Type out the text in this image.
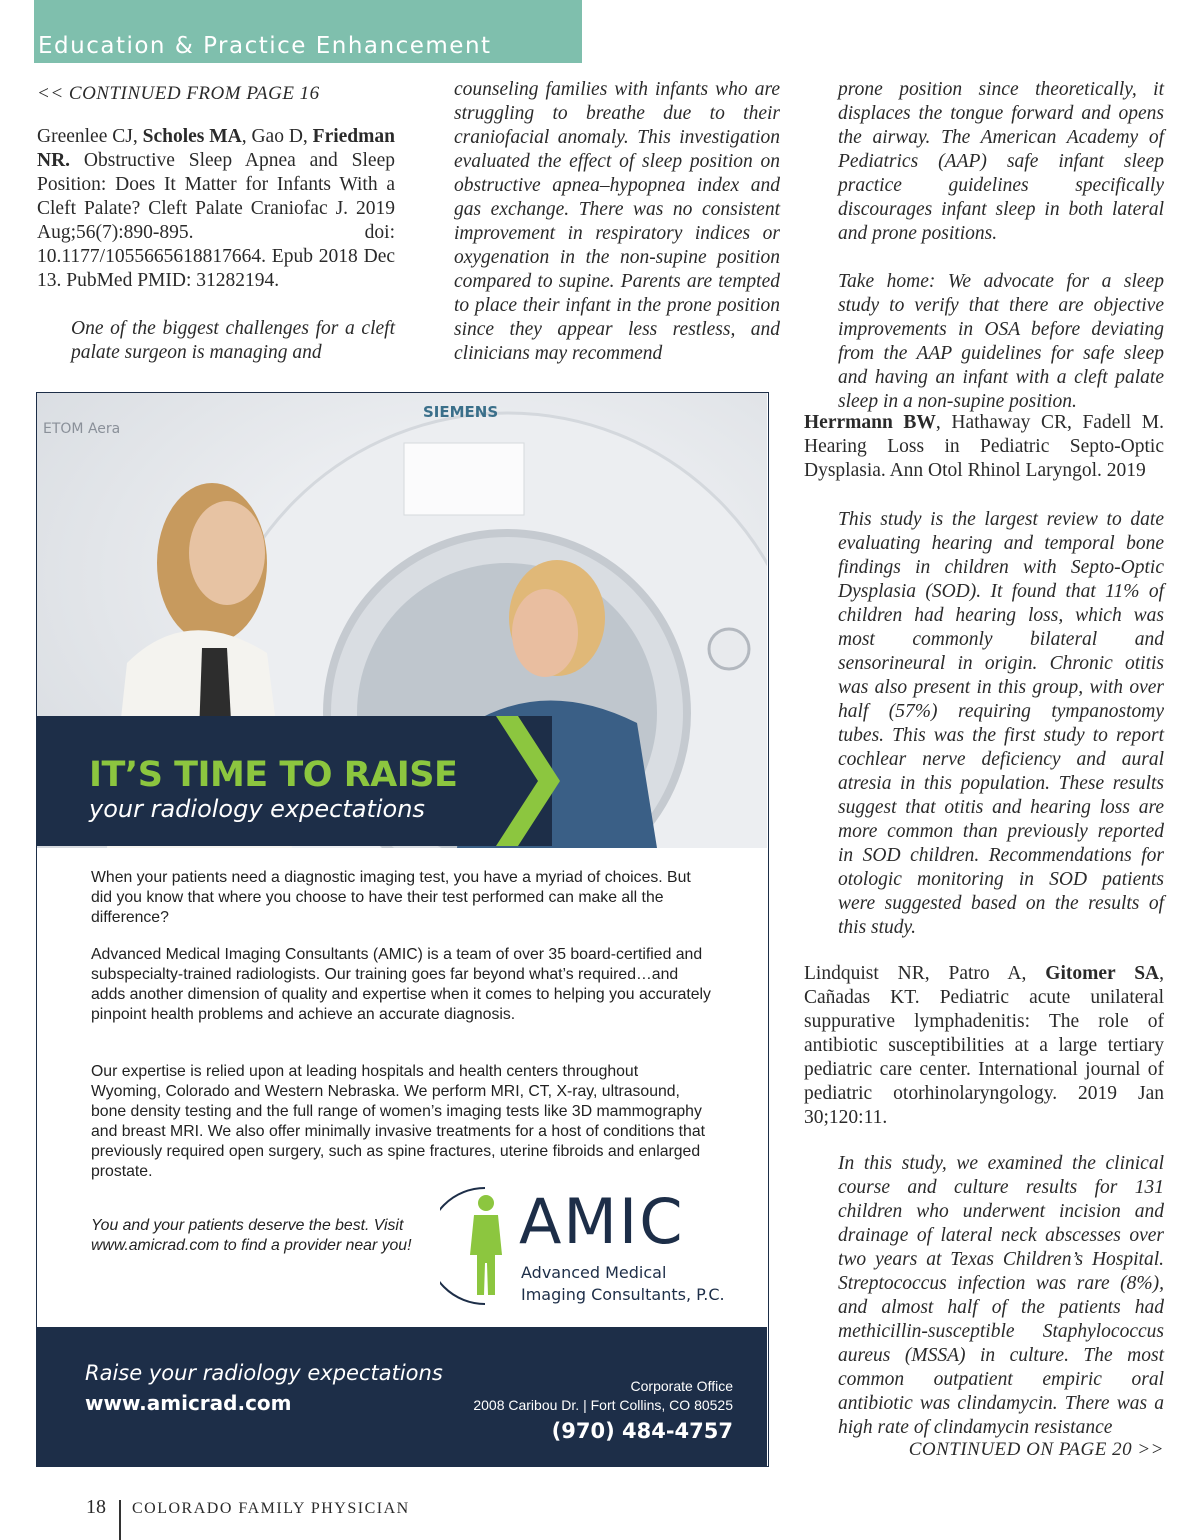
Education & Practice Enhancement
<< CONTINUED FROM PAGE 16

Greenlee CJ, Scholes MA, Gao D, Friedman NR. Obstructive Sleep Apnea and Sleep Position: Does It Matter for Infants With a Cleft Palate? Cleft Palate Craniofac J. 2019 Aug;56(7):890-895. doi: 10.1177/1055665618817664. Epub 2018 Dec 13. PubMed PMID: 31282194.

One of the biggest challenges for a cleft palate surgeon is managing and

counseling families with infants who are struggling to breathe due to their craniofacial anomaly. This investigation evaluated the effect of sleep position on obstructive apnea–hypopnea index and gas exchange. There was no consistent improvement in respiratory indices or oxygenation in the non-supine position compared to supine. Parents are tempted to place their infant in the prone position since they appear less restless, and clinicians may recommend

prone position since theoretically, it displaces the tongue forward and opens the airway. The American Academy of Pediatrics (AAP) safe infant sleep practice guidelines specifically discourages infant sleep in both lateral and prone positions.

Take home: We advocate for a sleep study to verify that there are objective improvements in OSA before deviating from the AAP guidelines for safe sleep and having an infant with a cleft palate sleep in a non-supine position.

Herrmann BW, Hathaway CR, Fadell M. Hearing Loss in Pediatric Septo-Optic Dysplasia. Ann Otol Rhinol Laryngol. 2019

This study is the largest review to date evaluating hearing and temporal bone findings in children with Septo-Optic Dysplasia (SOD). It found that 11% of children had hearing loss, which was most commonly bilateral and sensorineural in origin. Chronic otitis was also present in this group, with over half (57%) requiring tympanostomy tubes. This was the first study to report cochlear nerve deficiency and aural atresia in this population. These results suggest that otitis and hearing loss are more common than previously reported in SOD children. Recommendations for otologic monitoring in SOD patients were suggested based on the results of this study.

Lindquist NR, Patro A, Gitomer SA, Cañadas KT. Pediatric acute unilateral suppurative lymphadenitis: The role of antibiotic susceptibilities at a large tertiary pediatric care center. International journal of pediatric otorhinolaryngology. 2019 Jan 30;120:11.

In this study, we examined the clinical course and culture results for 131 children who underwent incision and drainage of lateral neck abscesses over two years at Texas Children’s Hospital. Streptococcus infection was rare (8%), and almost half of the patients had methicillin-susceptible Staphylococcus aureus (MSSA) in culture. The most common outpatient empiric oral antibiotic was clindamycin. There was a high rate of clindamycin resistance

CONTINUED ON PAGE 20 >>
SIEMENS
ETOM Aera
IT’S TIME TO RAISE
your radiology expectations

When your patients need a diagnostic imaging test, you have a myriad of choices. But did you know that where you choose to have their test performed can make all the difference?

Advanced Medical Imaging Consultants (AMIC) is a team of over 35 board-certified and subspecialty-trained radiologists. Our training goes far beyond what’s required…and adds another dimension of quality and expertise when it comes to helping you accurately pinpoint health problems and achieve an accurate diagnosis.

Our expertise is relied upon at leading hospitals and health centers throughout Wyoming, Colorado and Western Nebraska. We perform MRI, CT, X-ray, ultrasound, bone density testing and the full range of women’s imaging tests like 3D mammography and breast MRI. We also offer minimally invasive treatments for a host of conditions that previously required open surgery, such as spine fractures, uterine fibroids and enlarged prostate.

You and your patients deserve the best. Visit www.amicrad.com to find a provider near you! AMIC
Advanced Medical
Imaging Consultants, P.C.
Raise your radiology expectations
www.amicrad.com
Corporate Office
2008 Caribou Dr. | Fort Collins, CO 80525
(970) 484-4757
18 COLORADO FAMILY PHYSICIAN
